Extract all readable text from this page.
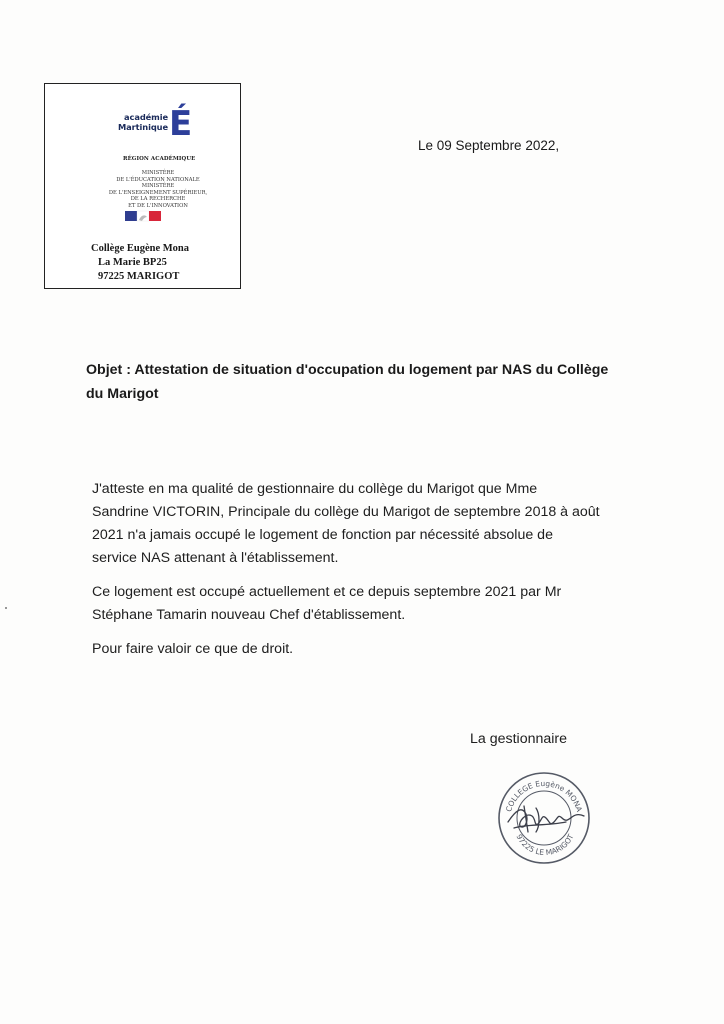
académie
Martinique É
RÉGION ACADÉMIQUE
MINISTÈRE
DE L'ÉDUCATION NATIONALE
MINISTÈRE
DE L'ENSEIGNEMENT SUPÉRIEUR,
DE LA RECHERCHE
ET DE L'INNOVATION
Collège Eugène Mona
La Marie BP25
97225 MARIGOT
Le 09 Septembre 2022,
Objet : Attestation de situation d'occupation du logement par NAS du Collège
du Marigot

J'atteste en ma qualité de gestionnaire du collège du Marigot que Mme
Sandrine VICTORIN, Principale du collège du Marigot de septembre 2018 à août
2021 n'a jamais occupé le logement de fonction par nécessité absolue de
service NAS attenant à l'établissement.

Ce logement est occupé actuellement et ce depuis septembre 2021 par Mr
Stéphane Tamarin nouveau Chef d'établissement.

Pour faire valoir ce que de droit.

La gestionnaire
COLLEGE Eugène MONA
97225 LE MARIGOT
